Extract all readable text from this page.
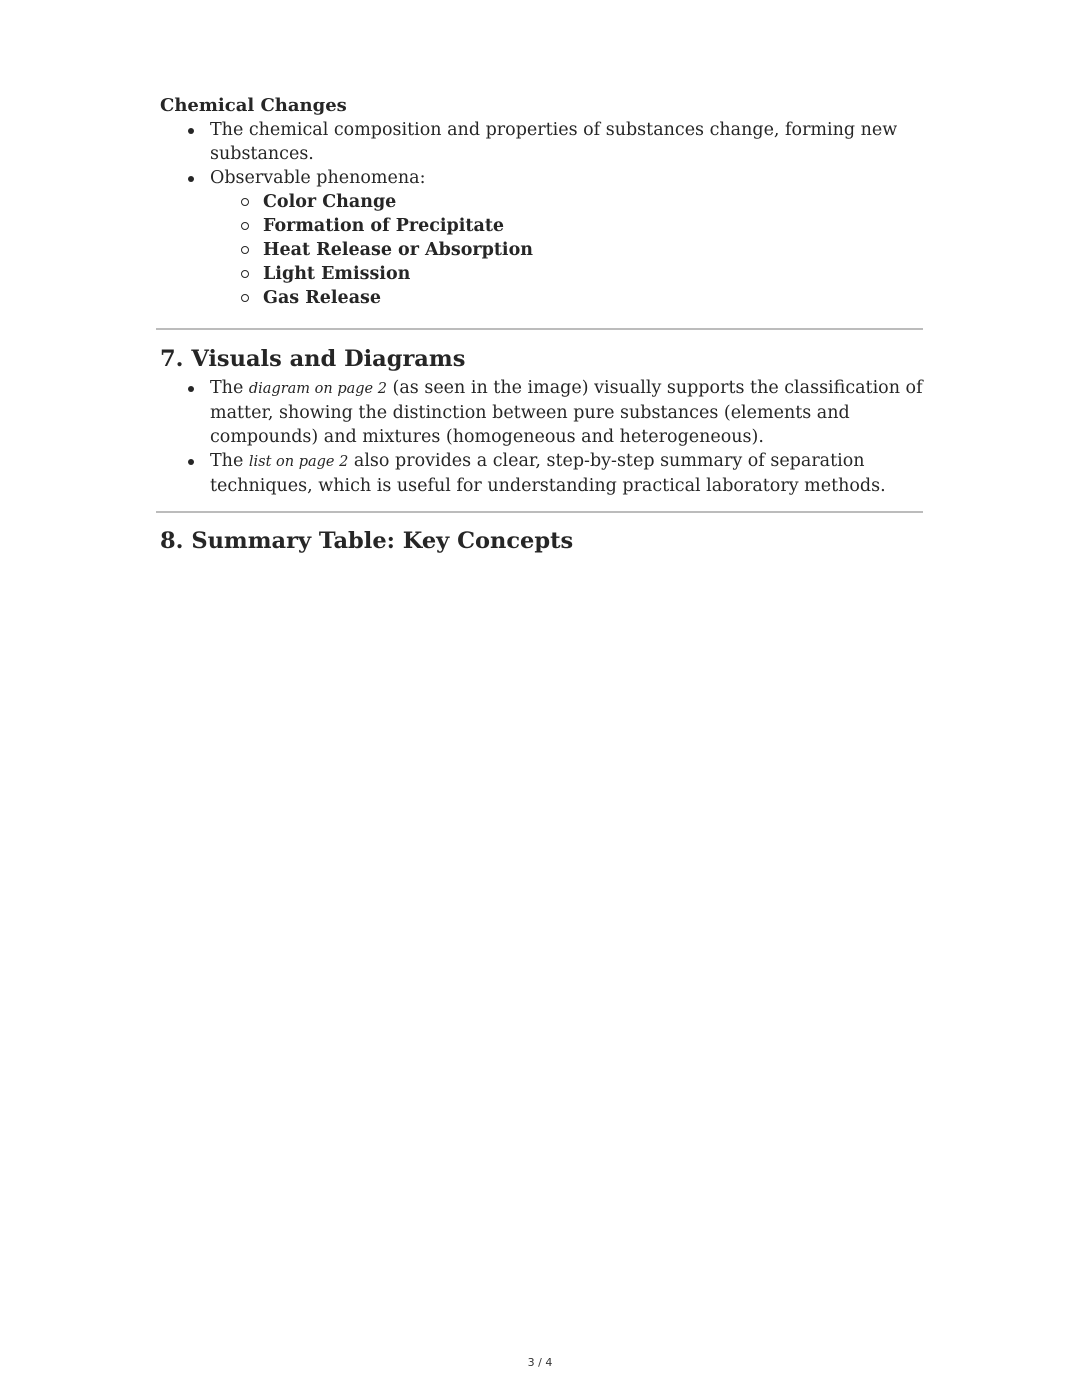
Chemical Changes

The chemical composition and properties of substances change, forming new substances.
Observable phenomena:
Color Change
Formation of Precipitate
Heat Release or Absorption
Light Emission
Gas Release
7. Visuals and Diagrams
The diagram on page 2 (as seen in the image) visually supports the classification of matter, showing the distinction between pure substances (elements and compounds) and mixtures (homogeneous and heterogeneous).
The list on page 2 also provides a clear, step-by-step summary of separation techniques, which is useful for understanding practical laboratory methods.
8. Summary Table: Key Concepts
3 / 4
